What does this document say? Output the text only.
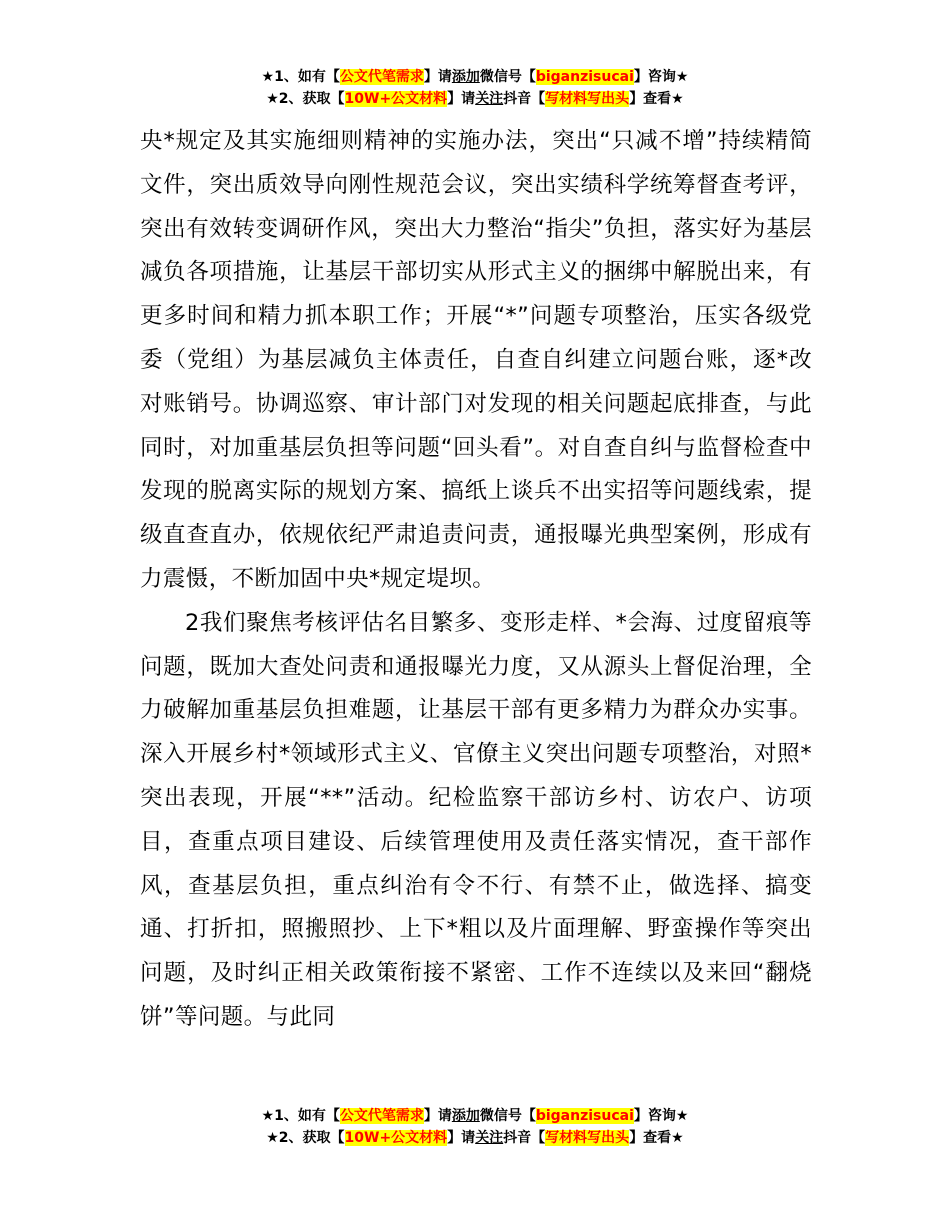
★1、如有【公文代笔需求】请添加微信号【biganzisucai】咨询★
★2、获取【10W+公文材料】请关注抖音【写材料写出头】查看★

央*规定及其实施细则精神的实施办法，突出“只减不增”持续精简文件，突出质效导向刚性规范会议，突出实绩科学统筹督查考评，突出有效转变调研作风，突出大力整治“指尖”负担，落实好为基层减负各项措施，让基层干部切实从形式主义的捆绑中解脱出来，有更多时间和精力抓本职工作；开展“*”问题专项整治，压实各级党委（党组）为基层减负主体责任，自查自纠建立问题台账，逐*改对账销号。协调巡察、审计部门对发现的相关问题起底排查，与此同时，对加重基层负担等问题“回头看”。对自查自纠与监督检查中发现的脱离实际的规划方案、搞纸上谈兵不出实招等问题线索，提级直查直办，依规依纪严肃追责问责，通报曝光典型案例，形成有力震慑，不断加固中央*规定堤坝。

2我们聚焦考核评估名目繁多、变形走样、*会海、过度留痕等问题，既加大查处问责和通报曝光力度，又从源头上督促治理，全力破解加重基层负担难题，让基层干部有更多精力为群众办实事。深入开展乡村*领域形式主义、官僚主义突出问题专项整治，对照*突出表现，开展“**”活动。纪检监察干部访乡村、访农户、访项目，查重点项目建设、后续管理使用及责任落实情况，查干部作风，查基层负担，重点纠治有令不行、有禁不止，做选择、搞变通、打折扣，照搬照抄、上下*粗以及片面理解、野蛮操作等突出问题，及时纠正相关政策衔接不紧密、工作不连续以及来回“翻烧饼”等问题。与此同

★1、如有【公文代笔需求】请添加微信号【biganzisucai】咨询★
★2、获取【10W+公文材料】请关注抖音【写材料写出头】查看★
